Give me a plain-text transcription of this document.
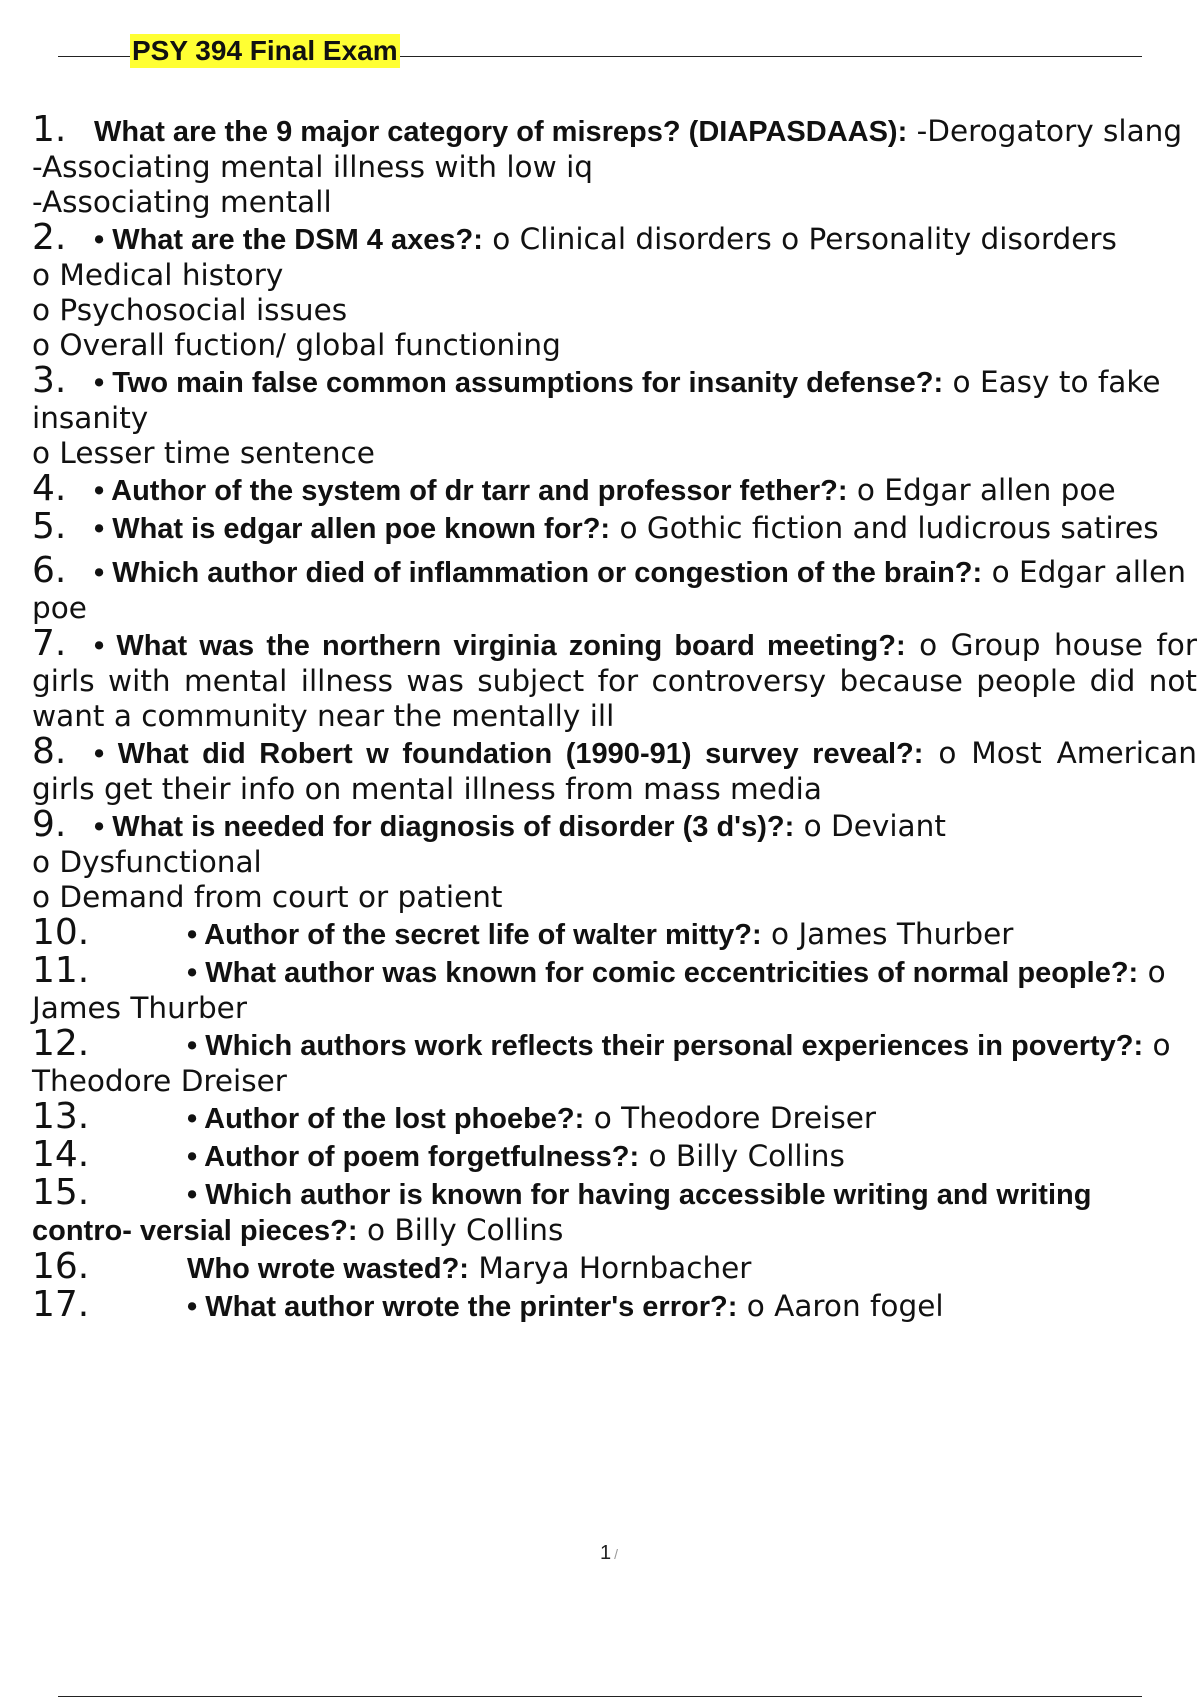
PSY 394 Final Exam
1. What are the 9 major category of misreps? (DIAPASDAAS): -Derogatory slang
-Associating mental illness with low iq
-Associating mentall
2. • What are the DSM 4 axes?: o Clinical disorders o Personality disorders
o Medical history
o Psychosocial issues
o Overall fuction/ global functioning
3. • Two main false common assumptions for insanity defense?: o Easy to fake insanity
o Lesser time sentence
4. • Author of the system of dr tarr and professor fether?: o Edgar allen poe
5. • What is edgar allen poe known for?: o Gothic fiction and ludicrous satires
6. • Which author died of inflammation or congestion of the brain?: o Edgar allen poe
7. • What was the northern virginia zoning board meeting?: o Group house for girls with mental illness was subject for controversy because people did not want a community near the mentally ill
8. • What did Robert w foundation (1990-91) survey reveal?: o Most American girls get their info on mental illness from mass media
9. • What is needed for diagnosis of disorder (3 d's)?: o Deviant
o Dysfunctional
o Demand from court or patient
10.	• Author of the secret life of walter mitty?: o James Thurber
11.	• What author was known for comic eccentricities of normal people?: o James Thurber
12.	• Which authors work reflects their personal experiences in poverty?: o Theodore Dreiser
13.	• Author of the lost phoebe?: o Theodore Dreiser
14.	• Author of poem forgetfulness?: o Billy Collins
15.	• Which author is known for having accessible writing and writing contro- versial pieces?: o Billy Collins
16.	Who wrote wasted?: Marya Hornbacher
17.	• What author wrote the printer's error?: o Aaron fogel
1 /
